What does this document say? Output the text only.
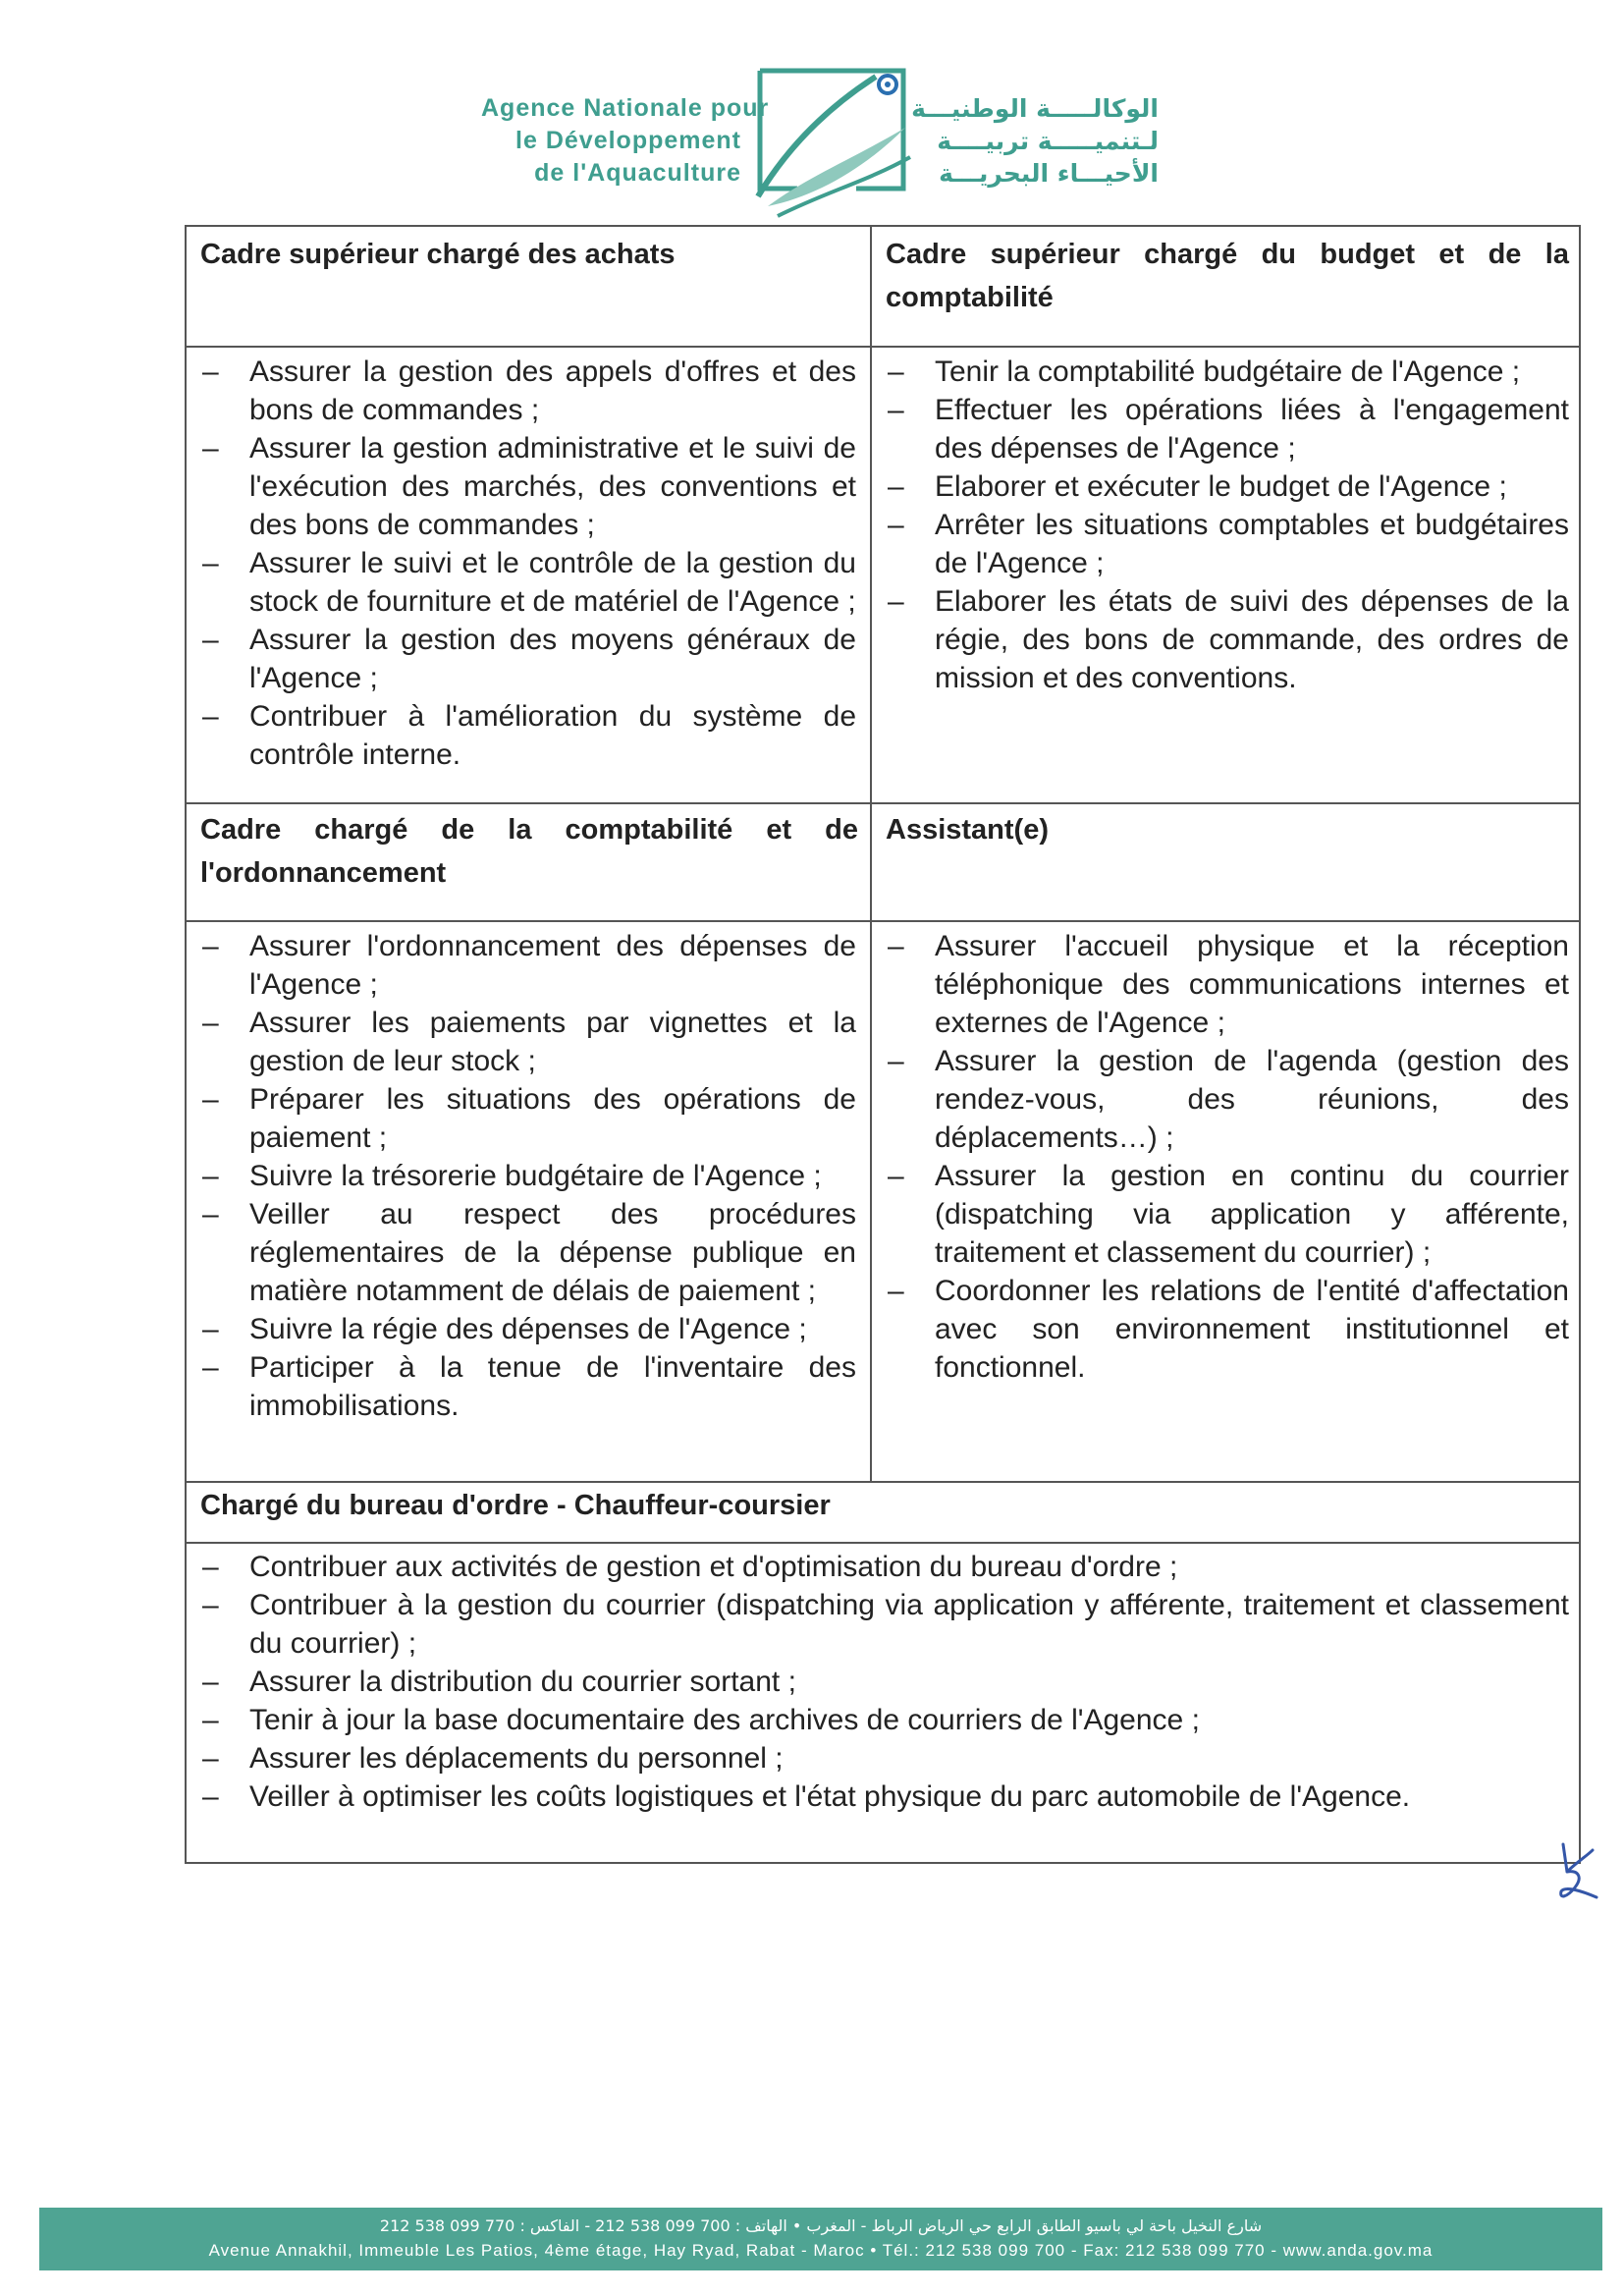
Agence Nationale pour
le Développement
de l'Aquaculture
الوكالـــــة الوطنيـــة
لـتنميـــــة تربيــــة
الأحيـــاء البحريـــة
Cadre supérieur chargé des achats	Cadre supérieur chargé du budget et de la comptabilité
– Assurer la gestion des appels d'offres et des bons de commandes ;
– Assurer la gestion administrative et le suivi de l'exécution des marchés, des conventions et des bons de commandes ;
– Assurer le suivi et le contrôle de la gestion du stock de fourniture et de matériel de l'Agence ;
– Assurer la gestion des moyens généraux de l'Agence ;
– Contribuer à l'amélioration du système de contrôle interne.
– Tenir la comptabilité budgétaire de l'Agence ;
– Effectuer les opérations liées à l'engagement des dépenses de l'Agence ;
– Elaborer et exécuter le budget de l'Agence ;
– Arrêter les situations comptables et budgétaires de l'Agence ;
– Elaborer les états de suivi des dépenses de la régie, des bons de commande, des ordres de mission et des conventions.
Cadre chargé de la comptabilité et de l'ordonnancement
Assistant(e)
– Assurer l'ordonnancement des dépenses de l'Agence ;
– Assurer les paiements par vignettes et la gestion de leur stock ;
– Préparer les situations des opérations de paiement ;
– Suivre la trésorerie budgétaire de l'Agence ;
– Veiller au respect des procédures réglementaires de la dépense publique en matière notamment de délais de paiement ;
– Suivre la régie des dépenses de l'Agence ;
– Participer à la tenue de l'inventaire des immobilisations.
– Assurer l'accueil physique et la réception téléphonique des communications internes et externes de l'Agence ;
– Assurer la gestion de l'agenda (gestion des rendez-vous, des réunions, des déplacements…) ;
– Assurer la gestion en continu du courrier (dispatching via application y afférente, traitement et classement du courrier) ;
– Coordonner les relations de l'entité d'affectation avec son environnement institutionnel et fonctionnel.
Chargé du bureau d'ordre - Chauffeur-coursier
– Contribuer aux activités de gestion et d'optimisation du bureau d'ordre ;
– Contribuer à la gestion du courrier (dispatching via application y afférente, traitement et classement du courrier) ;
– Assurer la distribution du courrier sortant ;
– Tenir à jour la base documentaire des archives de courriers de l'Agence ;
– Assurer les déplacements du personnel ;
– Veiller à optimiser les coûts logistiques et l'état physique du parc automobile de l'Agence.
شارع النخيل باحة لي باسيو الطابق الرابع حي الرياض الرباط - المغرب • الهاتف : 700 099 538 212 - الفاكس : 770 099 538 212
Avenue Annakhil, Immeuble Les Patios, 4ème étage, Hay Ryad, Rabat - Maroc • Tél.: 212 538 099 700 - Fax: 212 538 099 770 - www.anda.gov.ma
